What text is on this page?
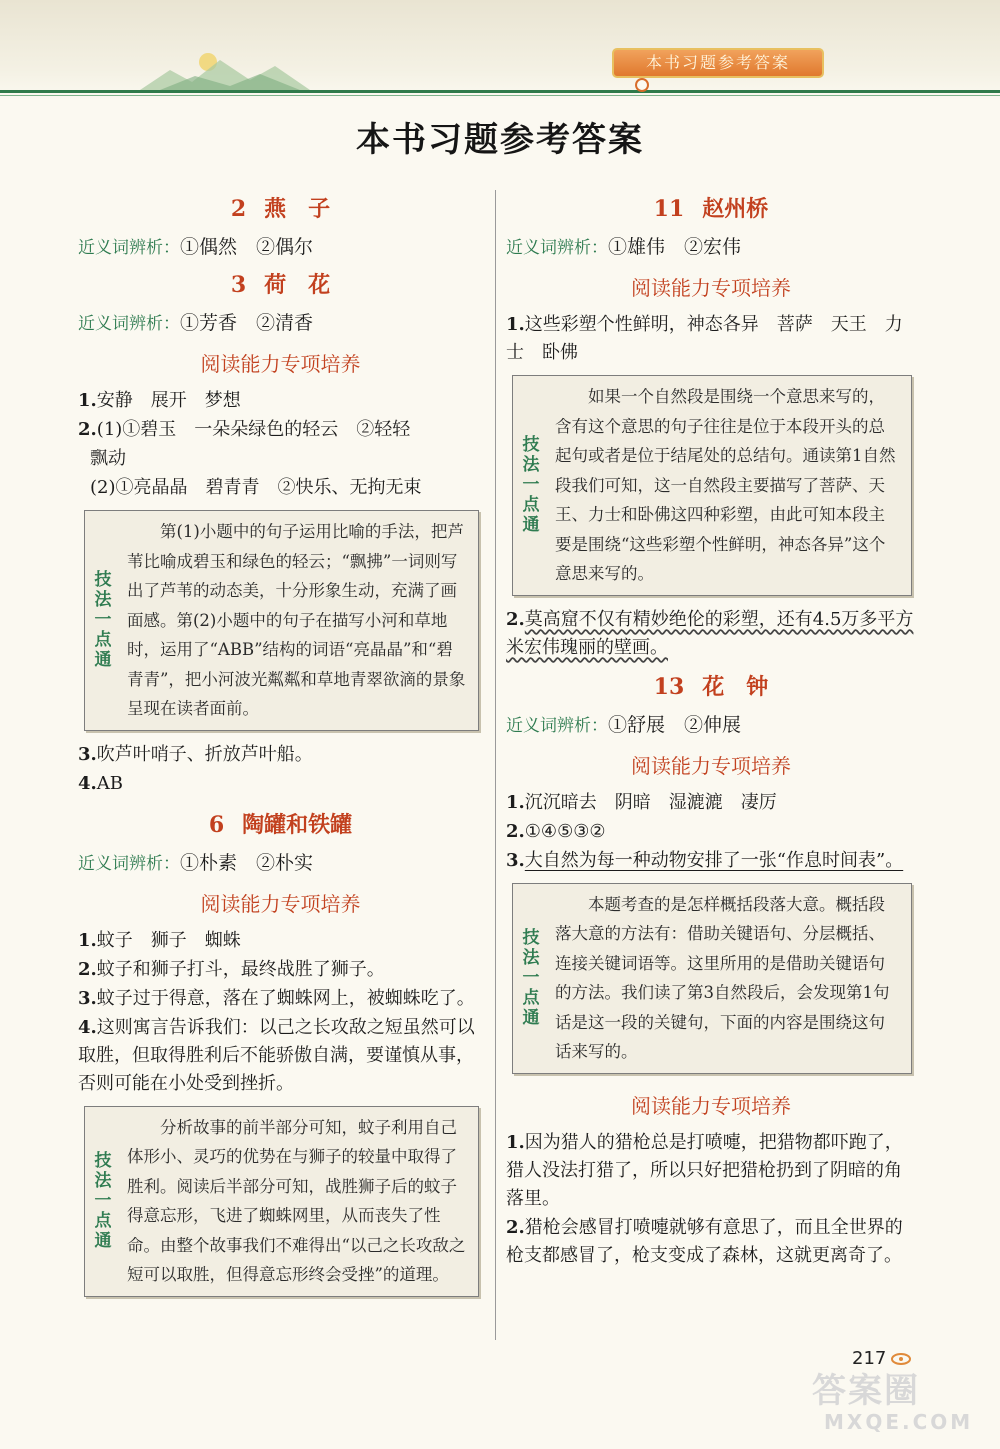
本书习题参考答案
本书习题参考答案
2 燕　子
近义词辨析：①偶然　②偶尔
3 荷　花
近义词辨析：①芳香　②清香
阅读能力专项培养
1.安静　展开　梦想
2.(1)①碧玉　一朵朵绿色的轻云　②轻轻
飘动
(2)①亮晶晶　碧青青　②快乐、无拘无束
技
法
一
点
通
第(1)小题中的句子运用比喻的手法，把芦苇比喻成碧玉和绿色的轻云；“飘拂”一词则写出了芦苇的动态美，十分形象生动，充满了画面感。第(2)小题中的句子在描写小河和草地时，运用了“ABB”结构的词语“亮晶晶”和“碧青青”，把小河波光粼粼和草地青翠欲滴的景象呈现在读者面前。
3.吹芦叶哨子、折放芦叶船。
4.AB
6 陶罐和铁罐
近义词辨析：①朴素　②朴实
阅读能力专项培养
1.蚊子　狮子　蜘蛛
2.蚊子和狮子打斗，最终战胜了狮子。
3.蚊子过于得意，落在了蜘蛛网上，被蜘蛛吃了。
4.这则寓言告诉我们：以己之长攻敌之短虽然可以取胜，但取得胜利后不能骄傲自满，要谨慎从事，否则可能在小处受到挫折。
技
法
一
点
通
分析故事的前半部分可知，蚊子利用自己体形小、灵巧的优势在与狮子的较量中取得了胜利。阅读后半部分可知，战胜狮子后的蚊子得意忘形，飞进了蜘蛛网里，从而丧失了性命。由整个故事我们不难得出“以己之长攻敌之短可以取胜，但得意忘形终会受挫”的道理。
11 赵州桥
近义词辨析：①雄伟　②宏伟
阅读能力专项培养
1.这些彩塑个性鲜明，神态各异　菩萨　天王　力士　卧佛
技
法
一
点
通
如果一个自然段是围绕一个意思来写的，含有这个意思的句子往往是位于本段开头的总起句或者是位于结尾处的总结句。通读第1自然段我们可知，这一自然段主要描写了菩萨、天王、力士和卧佛这四种彩塑，由此可知本段主要是围绕“这些彩塑个性鲜明，神态各异”这个意思来写的。
2.莫高窟不仅有精妙绝伦的彩塑，还有4.5万多平方米宏伟瑰丽的壁画。
13 花　钟
近义词辨析：①舒展　②伸展
阅读能力专项培养
1.沉沉暗去　阴暗　湿漉漉　凄厉
2.①④⑤③②
3.大自然为每一种动物安排了一张“作息时间表”。
技
法
一
点
通
本题考查的是怎样概括段落大意。概括段落大意的方法有：借助关键语句、分层概括、连接关键词语等。这里所用的是借助关键语句的方法。我们读了第3自然段后，会发现第1句话是这一段的关键句，下面的内容是围绕这句话来写的。
阅读能力专项培养
1.因为猎人的猎枪总是打喷嚏，把猎物都吓跑了，猎人没法打猎了，所以只好把猎枪扔到了阴暗的角落里。
2.猎枪会感冒打喷嚏就够有意思了，而且全世界的枪支都感冒了，枪支变成了森林，这就更离奇了。
217
答案圈
MXQE.COM
